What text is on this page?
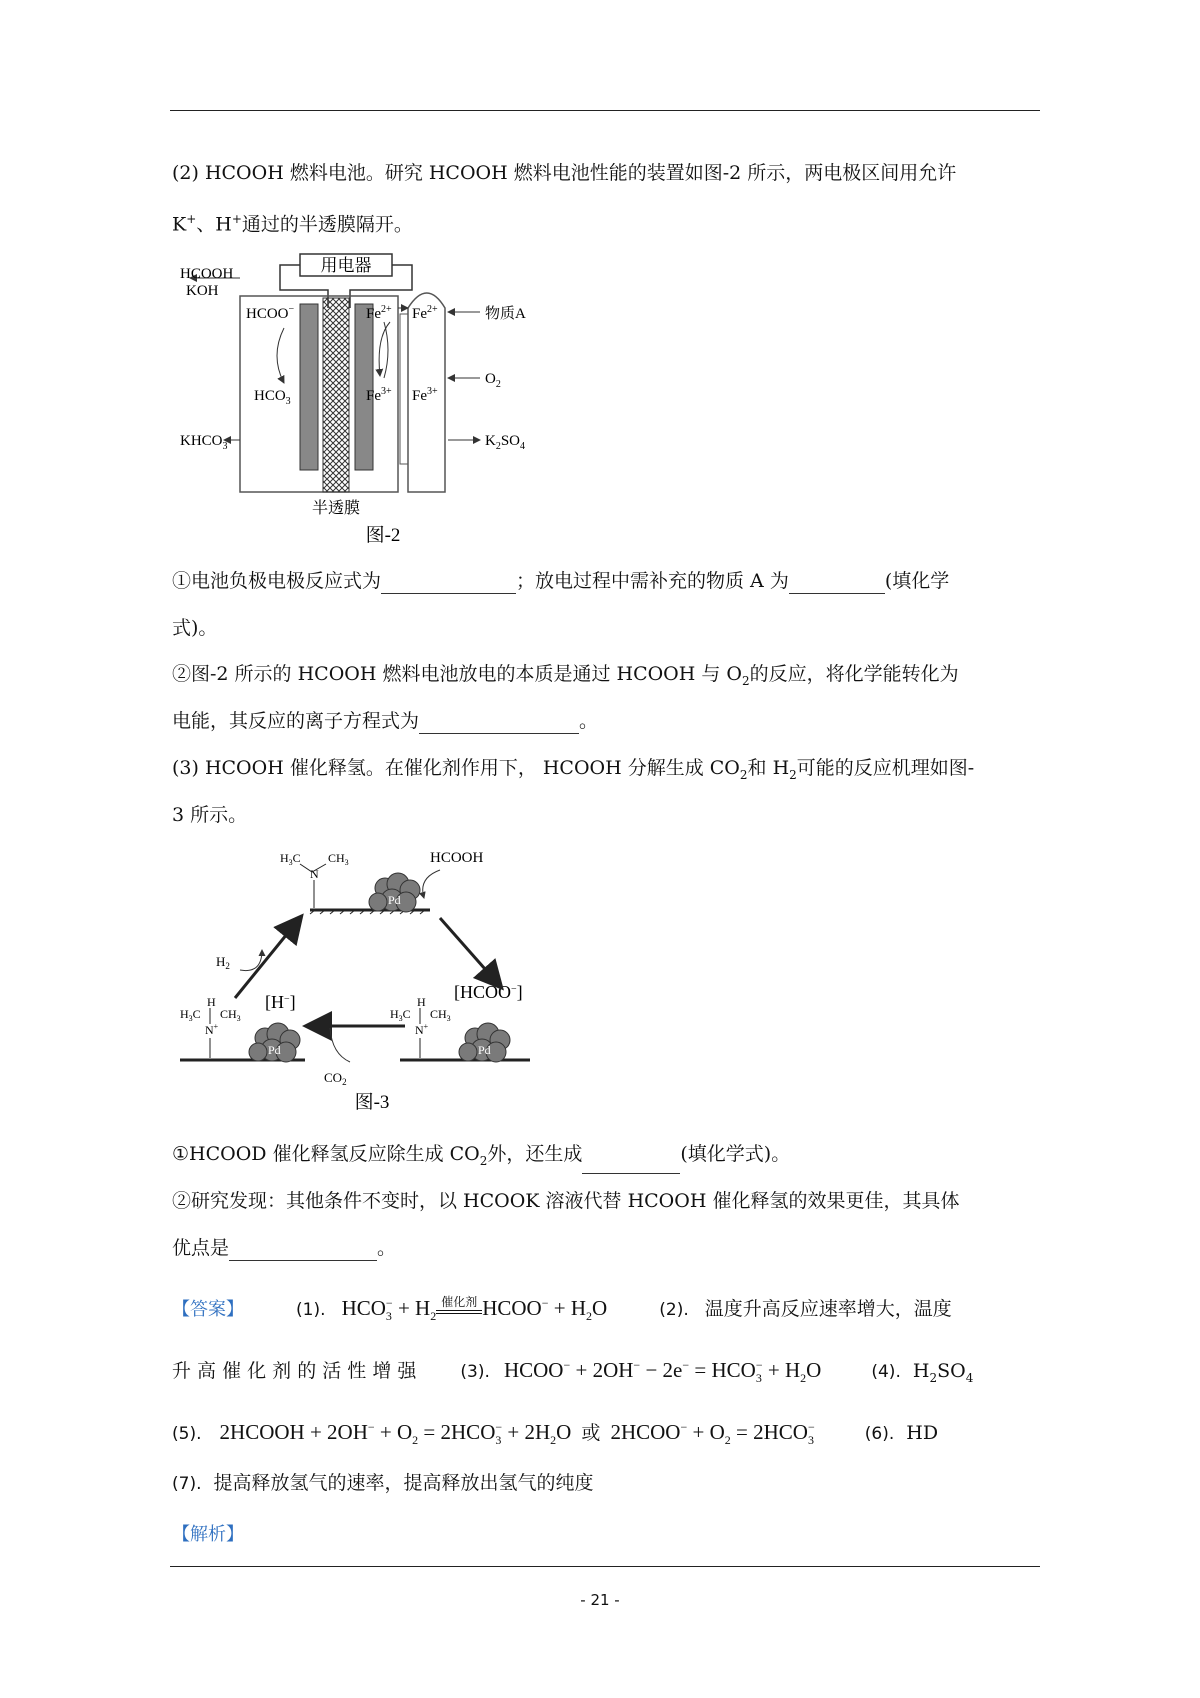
(2) HCOOH 燃料电池。研究 HCOOH 燃料电池性能的装置如图-2 所示，两电极区间用允许
K+、H+通过的半透膜隔开。
用电器
HCOOH
KOH
$KHCO_3$
HCOO−
$HCO_3$
$Fe^{2+}$
$Fe^{3+}$
$Fe^{2+}$
$Fe^{3+}$
物质A
$O_2$
$K_2SO_4$
半透膜
图-2
①电池负极电极反应式为	；放电过程中需补充的物质 A 为	(填化学
式)。
②图-2 所示的 HCOOH 燃料电池放电的本质是通过 HCOOH 与 $O_2$的反应，将化学能转化为
电能，其反应的离子方程式为	。
(3) HCOOH 催化释氢。在催化剂作用下， HCOOH 分解生成 $CO_2$和 $H_2$可能的反应机理如图-
3 所示。
Pd
Pd	Pd
$H_3C$ $CH_3$
N
H
$H_3C$ $CH_3$
N+
[H−]	H
$H_3C$ $CH_3$
N+
[HCOO−]
$H_2$
HCOOH
$CO_2$
图-3
①HCOOD 催化释氢反应除生成 $CO_2$外，还生成	(填化学式)。
②研究发现：其他条件不变时，以 HCOOK 溶液代替 HCOOH 催化释氢的效果更佳，其具体
优点是	。
【答案】	(1). $HCO_3^- + H_2^{催化剂}$ HCOO− + $H_2O$	(2). 温度升高反应速率增大，温度
升 高 催 化 剂 的 活 性 增 强	(3). HCOO− + $2OH^- - 2e^- = HCO_3^- + H_2O$	(4). $H_2SO_4$
(5). 2HCOOH + $2OH^- + O_2 = 2HCO_3^- + 2H_2O$ 或 2HCOO− + $O_2 = 2HCO_3^-$	(6). HD
(7). 提高释放氢气的速率，提高释放出氢气的纯度
【解析】
- 21 -
